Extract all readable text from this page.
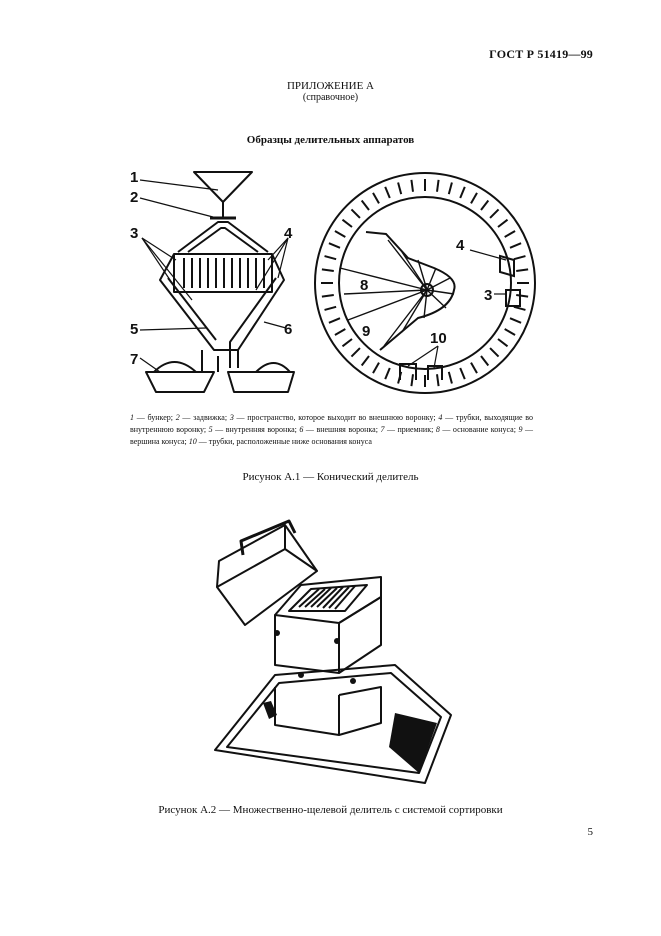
ГОСТ Р 51419—99
ПРИЛОЖЕНИЕ А
(справочное)
Образцы делительных аппаратов
1
2
3	4
5	6
7
4
3
8
9	10
1 — бункер; 2 — задвижка; 3 — пространство, которое выходит во внешнюю воронку; 4 — трубки, выходящие во внутреннюю воронку; 5 — внутренняя воронка; 6 — внешняя воронка; 7 — приемник; 8 — основание конуса; 9 — вершина конуса; 10 — трубки, расположенные ниже основания конуса
Рисунок А.1 — Конический делитель
Рисунок А.2 — Множественно-щелевой делитель с системой сортировки
5
